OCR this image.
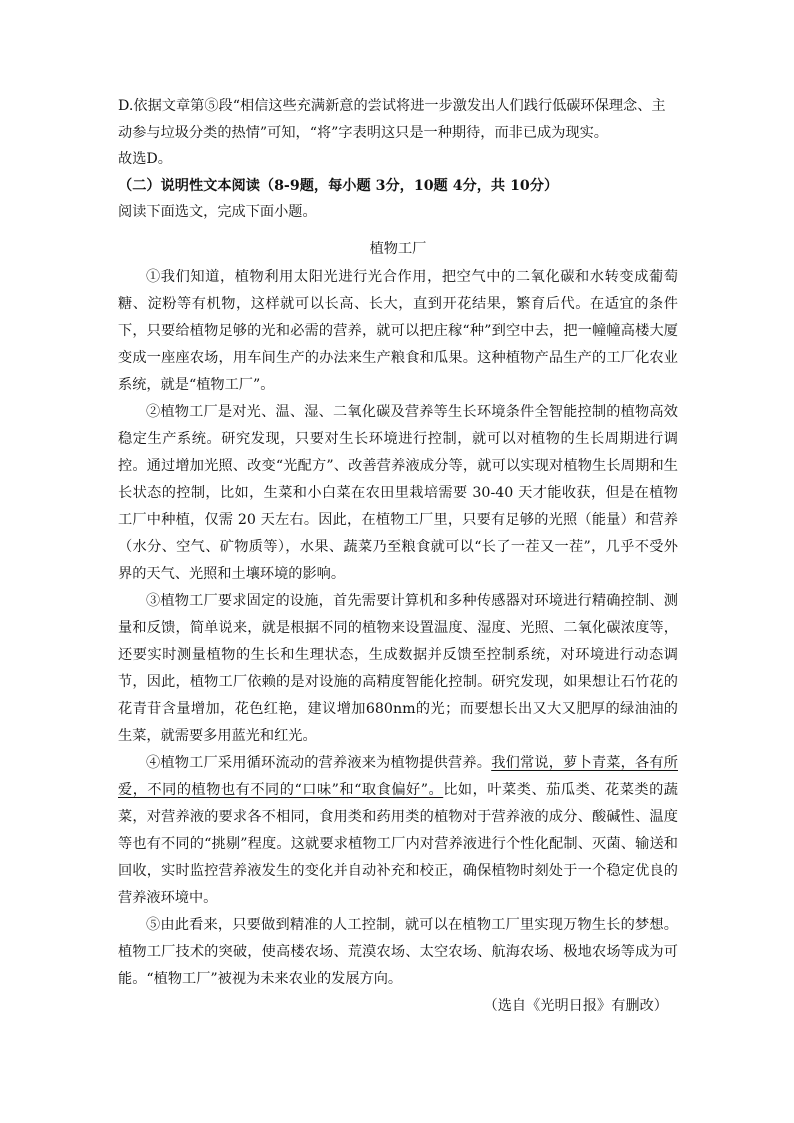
D.依据文章第⑤段“相信这些充满新意的尝试将进一步激发出人们践行低碳环保理念、主
动参与垃圾分类的热情”可知，“将”字表明这只是一种期待，而非已成为现实。
故选D。
（二）说明性文本阅读（8-9题，每小题 3分，10题 4分，共 10分）
阅读下面选文，完成下面小题。
植物工厂

①我们知道，植物利用太阳光进行光合作用，把空气中的二氧化碳和水转变成葡萄糖、淀粉等有机物，这样就可以长高、长大，直到开花结果，繁育后代。在适宜的条件下，只要给植物足够的光和必需的营养，就可以把庄稼“种”到空中去，把一幢幢高楼大厦变成一座座农场，用车间生产的办法来生产粮食和瓜果。这种植物产品生产的工厂化农业系统，就是“植物工厂”。

②植物工厂是对光、温、湿、二氧化碳及营养等生长环境条件全智能控制的植物高效稳定生产系统。研究发现，只要对生长环境进行控制，就可以对植物的生长周期进行调控。通过增加光照、改变“光配方”、改善营养液成分等，就可以实现对植物生长周期和生长状态的控制，比如，生菜和小白菜在农田里栽培需要 30-40 天才能收获，但是在植物工厂中种植，仅需 20 天左右。因此，在植物工厂里，只要有足够的光照（能量）和营养（水分、空气、矿物质等），水果、蔬菜乃至粮食就可以“长了一茬又一茬”，几乎不受外界的天气、光照和土壤环境的影响。

③植物工厂要求固定的设施，首先需要计算机和多种传感器对环境进行精确控制、测量和反馈，简单说来，就是根据不同的植物来设置温度、湿度、光照、二氧化碳浓度等，还要实时测量植物的生长和生理状态，生成数据并反馈至控制系统，对环境进行动态调节，因此，植物工厂依赖的是对设施的高精度智能化控制。研究发现，如果想让石竹花的花青苷含量增加，花色红艳，建议增加680nm的光；而要想长出又大又肥厚的绿油油的生菜，就需要多用蓝光和红光。

④植物工厂采用循环流动的营养液来为植物提供营养。我们常说，萝卜青菜，各有所爱，不同的植物也有不同的“口味”和“取食偏好”。比如，叶菜类、茄瓜类、花菜类的蔬菜，对营养液的要求各不相同，食用类和药用类的植物对于营养液的成分、酸碱性、温度等也有不同的“挑剔”程度。这就要求植物工厂内对营养液进行个性化配制、灭菌、输送和回收，实时监控营养液发生的变化并自动补充和校正，确保植物时刻处于一个稳定优良的营养液环境中。

⑤由此看来，只要做到精准的人工控制，就可以在植物工厂里实现万物生长的梦想。植物工厂技术的突破，使高楼农场、荒漠农场、太空农场、航海农场、极地农场等成为可能。“植物工厂”被视为未来农业的发展方向。

（选自《光明日报》有删改）
